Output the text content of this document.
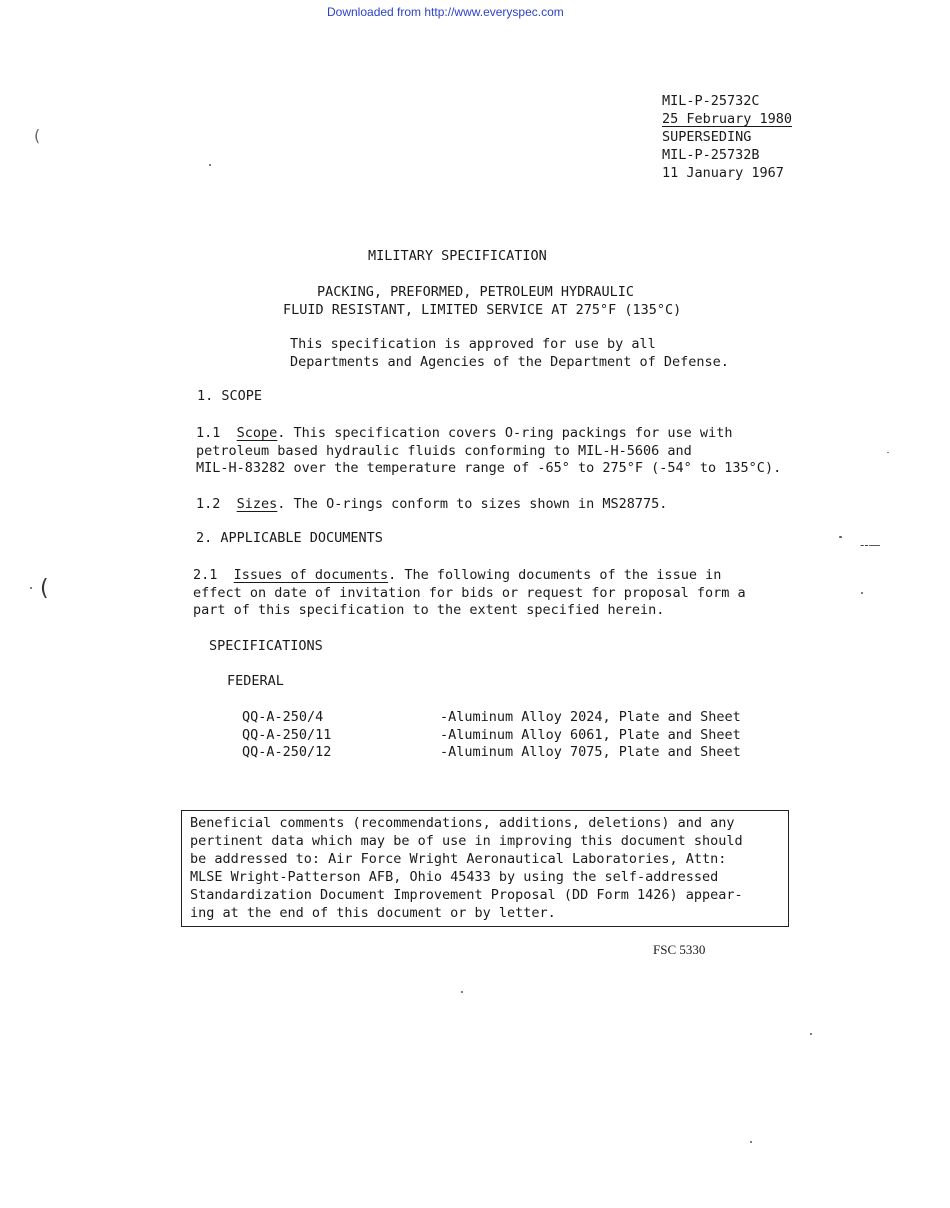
Downloaded from http://www.everyspec.com
MIL-P-25732C
25 February 1980
SUPERSEDING
MIL-P-25732B
11 January 1967
MILITARY SPECIFICATION
PACKING, PREFORMED, PETROLEUM HYDRAULIC
FLUID RESISTANT, LIMITED SERVICE AT 275°F (135°C)
This specification is approved for use by all
Departments and Agencies of the Department of Defense.
1. SCOPE
1.1 Scope. This specification covers O-ring packings for use with
petroleum based hydraulic fluids conforming to MIL-H-5606 and
MIL-H-83282 over the temperature range of -65° to 275°F (-54° to 135°C).
1.2 Sizes. The O-rings conform to sizes shown in MS28775.
2. APPLICABLE DOCUMENTS
2.1 Issues of documents. The following documents of the issue in
effect on date of invitation for bids or request for proposal form a
part of this specification to the extent specified herein.
SPECIFICATIONS
FEDERAL
QQ-A-250/4	-Aluminum Alloy 2024, Plate and Sheet
QQ-A-250/11	-Aluminum Alloy 6061, Plate and Sheet
QQ-A-250/12	-Aluminum Alloy 7075, Plate and Sheet
Beneficial comments (recommendations, additions, deletions) and any
pertinent data which may be of use in improving this document should
be addressed to: Air Force Wright Aeronautical Laboratories, Attn:
MLSE Wright-Patterson AFB, Ohio 45433 by using the self-addressed
Standardization Document Improvement Proposal (DD Form 1426) appear-
ing at the end of this document or by letter.
FSC 5330
(
(
-‐—
